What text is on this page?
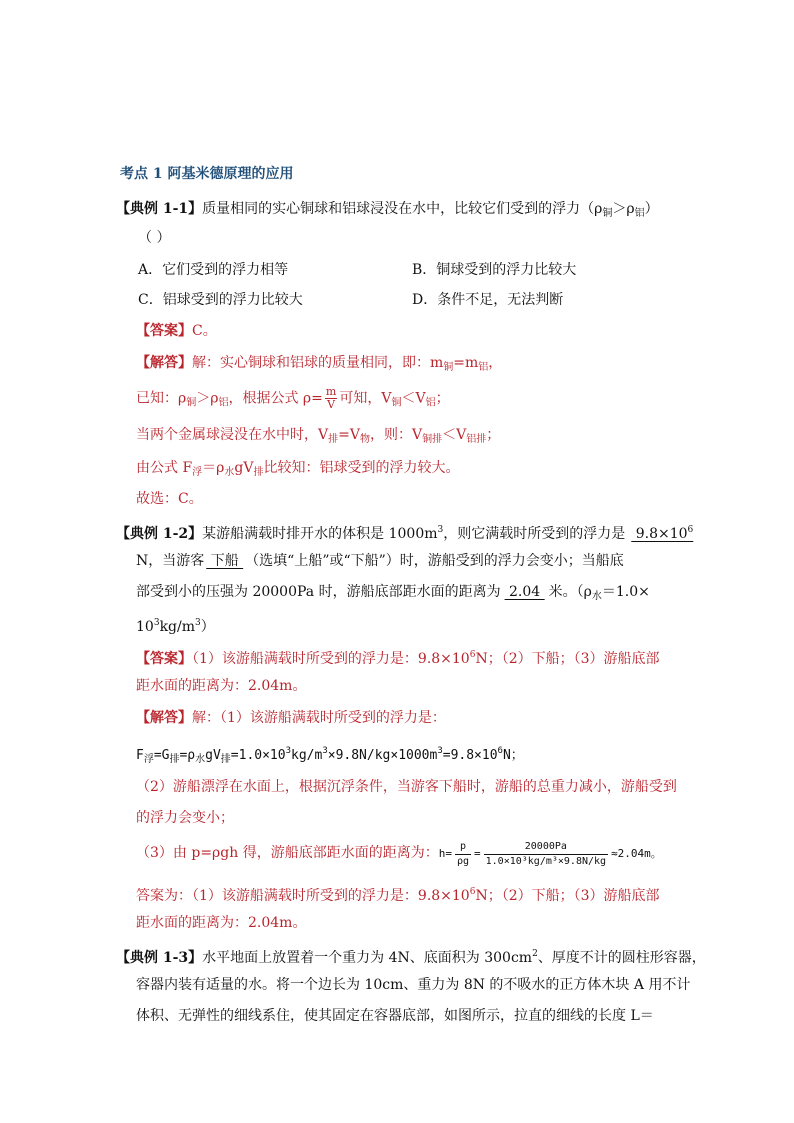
考点 1 阿基米德原理的应用
【典例 1-1】质量相同的实心铜球和铝球浸没在水中，比较它们受到的浮力$(\rho_铜>\rho_铝)$
（ ）
A．它们受到的浮力相等	B．铜球受到的浮力比较大
C．铝球受到的浮力比较大	D．条件不足，无法判断
【答案】C。
【解答】解：实心铜球和铝球的质量相同，即：$m_铜=m_铝$，
已知：$\rho_铜>\rho_铝$，根据公式 $\rho= \frac{m}{V}$ 可知，$V_铜<V_铝$；
当两个金属球浸没在水中时，$V_排=V_物$，则：$V_{铜排}<V_{铝排}$；
由公式 $F_浮=\rho_水gV_排$比较知：铝球受到的浮力较大。
故选：C。
【典例 1-2】某游船满载时排开水的体积是 $1000m^3$，则它满载时所受到的浮力是 $9.8\times 10^6$
N，当游客 下船 （选填“上船”或“下船”）时，游船受到的浮力会变小；当船底
部受到小的压强为 20000Pa 时，游船底部距水面的距离为 2.04 米。（$\rho_水=1.0\times$
$10^3kg/m^3$）
【答案】（1）该游船满载时所受到的浮力是：$9.8\times 10^6N$；（2）下船；（3）游船底部
距水面的距离为：2.04m。
【解答】解：（1）该游船满载时所受到的浮力是：
$F_浮=G_排=\rho_水gV_排=1.0\times 10^3kg/m^3\times 9.8N/kg\times 1000m^3=9.8\times 10^6N$；
（2）游船漂浮在水面上，根据沉浮条件，当游客下船时，游船的总重力减小，游船受到
的浮力会变小；
（3）由 p=ρgh 得，游船底部距水面的距离为：$h= \frac{p}{\rho g} = \frac{20000Pa}{\text{1.0×10³kg/m³×9.8N/kg}} \approx 2.04m$。
答案为：（1）该游船满载时所受到的浮力是：$9.8\times 10^6N$；（2）下船；（3）游船底部
距水面的距离为：2.04m。
【典例 1-3】水平地面上放置着一个重力为 4N、底面积为 $300cm^2$、厚度不计的圆柱形容器，
容器内装有适量的水。将一个边长为 10cm、重力为 8N 的不吸水的正方体木块 A 用不计
体积、无弹性的细线系住，使其固定在容器底部，如图所示，拉直的细线的长度 L＝
